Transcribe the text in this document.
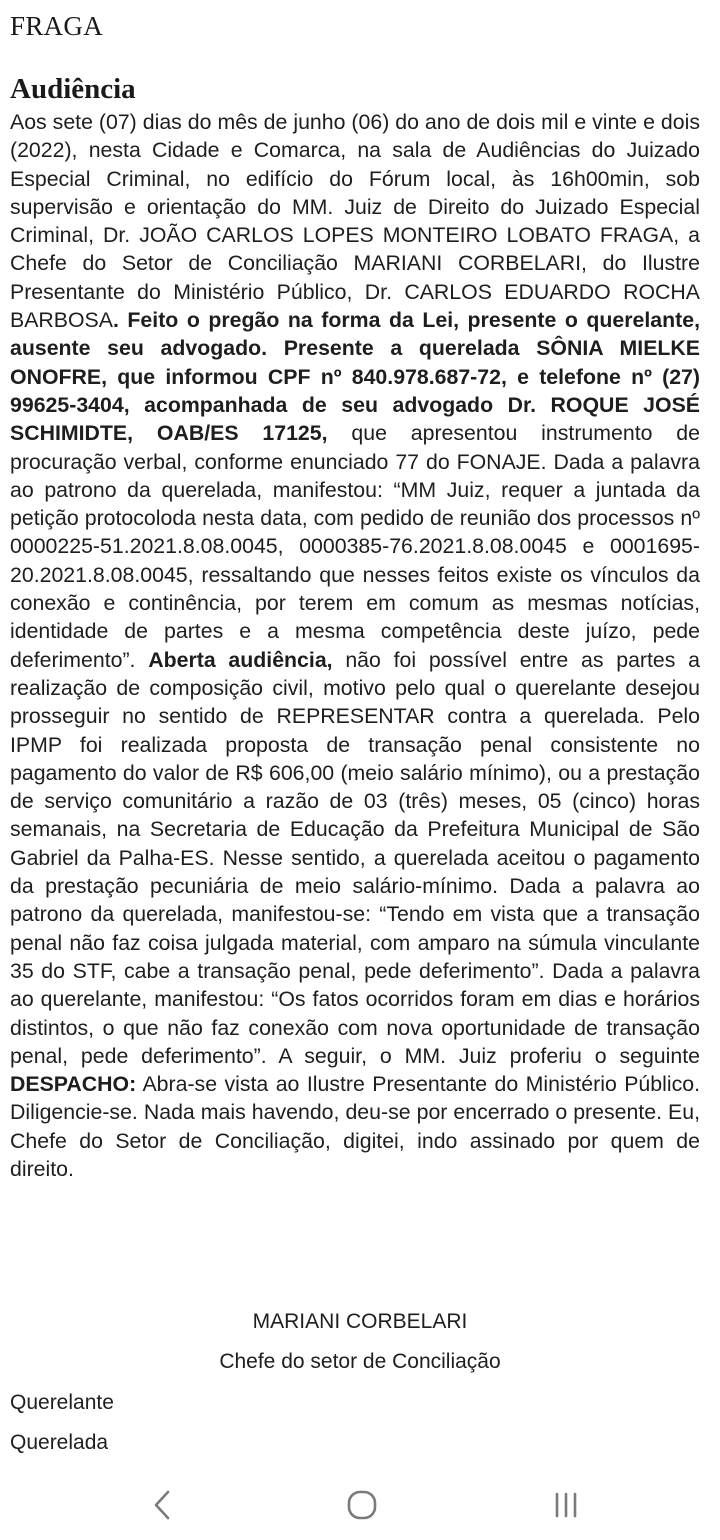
FRAGA
Audiência

Aos sete (07) dias do mês de junho (06) do ano de dois mil e vinte e dois (2022), nesta Cidade e Comarca, na sala de Audiências do Juizado Especial Criminal, no edifício do Fórum local, às 16h00min, sob supervisão e orientação do MM. Juiz de Direito do Juizado Especial Criminal, Dr. JOÃO CARLOS LOPES MONTEIRO LOBATO FRAGA, a Chefe do Setor de Conciliação MARIANI CORBELARI, do Ilustre Presentante do Ministério Público, Dr. CARLOS EDUARDO ROCHA BARBOSA. Feito o pregão na forma da Lei, presente o querelante, ausente seu advogado. Presente a querelada SÔNIA MIELKE ONOFRE, que informou CPF nº 840.978.687-72, e telefone nº (27) 99625-3404, acompanhada de seu advogado Dr. ROQUE JOSÉ SCHIMIDTE, OAB/ES 17125, que apresentou instrumento de procuração verbal, conforme enunciado 77 do FONAJE. Dada a palavra ao patrono da querelada, manifestou: “MM Juiz, requer a juntada da petição protocoloda nesta data, com pedido de reunião dos processos nº 0000225-51.2021.8.08.0045, 0000385-76.2021.8.08.0045 e 0001695-20.2021.8.08.0045, ressaltando que nesses feitos existe os vínculos da conexão e continência, por terem em comum as mesmas notícias, identidade de partes e a mesma competência deste juízo, pede deferimento”. Aberta audiência, não foi possível entre as partes a realização de composição civil, motivo pelo qual o querelante desejou prosseguir no sentido de REPRESENTAR contra a querelada. Pelo IPMP foi realizada proposta de transação penal consistente no pagamento do valor de R$ 606,00 (meio salário mínimo), ou a prestação de serviço comunitário a razão de 03 (três) meses, 05 (cinco) horas semanais, na Secretaria de Educação da Prefeitura Municipal de São Gabriel da Palha-ES. Nesse sentido, a querelada aceitou o pagamento da prestação pecuniária de meio salário-mínimo. Dada a palavra ao patrono da querelada, manifestou-se: “Tendo em vista que a transação penal não faz coisa julgada material, com amparo na súmula vinculante 35 do STF, cabe a transação penal, pede deferimento”. Dada a palavra ao querelante, manifestou: “Os fatos ocorridos foram em dias e horários distintos, o que não faz conexão com nova oportunidade de transação penal, pede deferimento”. A seguir, o MM. Juiz proferiu o seguinte DESPACHO: Abra-se vista ao Ilustre Presentante do Ministério Público. Diligencie-se. Nada mais havendo, deu-se por encerrado o presente. Eu, Chefe do Setor de Conciliação, digitei, indo assinado por quem de direito.

MARIANI CORBELARI
Chefe do setor de Conciliação
Querelante
Querelada
